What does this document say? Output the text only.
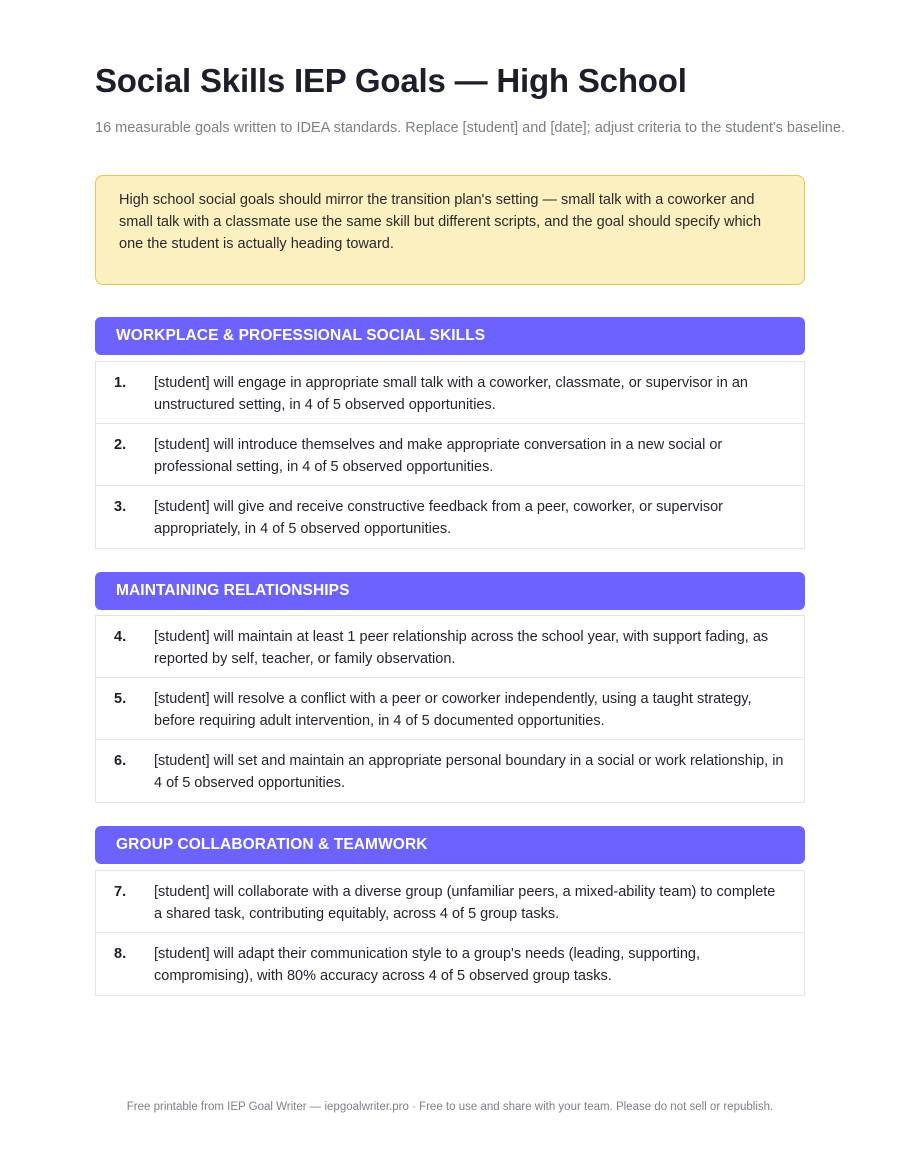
Social Skills IEP Goals — High School

16 measurable goals written to IDEA standards. Replace [student] and [date]; adjust criteria to the student's baseline.

High school social goals should mirror the transition plan's setting — small talk with a coworker and small talk with a classmate use the same skill but different scripts, and the goal should specify which one the student is actually heading toward.
WORKPLACE & PROFESSIONAL SOCIAL SKILLS
1.	[student] will engage in appropriate small talk with a coworker, classmate, or supervisor in an unstructured setting, in 4 of 5 observed opportunities.
2.	[student] will introduce themselves and make appropriate conversation in a new social or professional setting, in 4 of 5 observed opportunities.
3.	[student] will give and receive constructive feedback from a peer, coworker, or supervisor appropriately, in 4 of 5 observed opportunities.
MAINTAINING RELATIONSHIPS
4.	[student] will maintain at least 1 peer relationship across the school year, with support fading, as reported by self, teacher, or family observation.
5.	[student] will resolve a conflict with a peer or coworker independently, using a taught strategy, before requiring adult intervention, in 4 of 5 documented opportunities.
6.	[student] will set and maintain an appropriate personal boundary in a social or work relationship, in 4 of 5 observed opportunities.
GROUP COLLABORATION & TEAMWORK
7.	[student] will collaborate with a diverse group (unfamiliar peers, a mixed-ability team) to complete a shared task, contributing equitably, across 4 of 5 group tasks.
8.	[student] will adapt their communication style to a group's needs (leading, supporting, compromising), with 80% accuracy across 4 of 5 observed group tasks.

Free printable from IEP Goal Writer — iepgoalwriter.pro · Free to use and share with your team. Please do not sell or republish.
